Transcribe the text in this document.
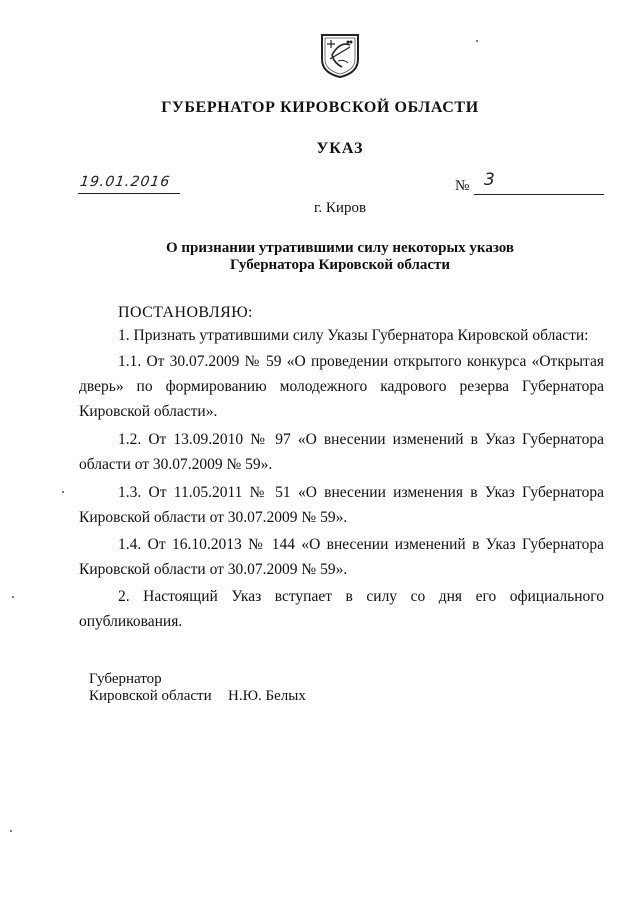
ГУБЕРНАТОР КИРОВСКОЙ ОБЛАСТИ
УКАЗ
19.01.2016	№ 3
г. Киров
О признании утратившими силу некоторых указов
Губернатора Кировской области
ПОСТАНОВЛЯЮ:
1. Признать утратившими силу Указы Губернатора Кировской области:
1.1. От 30.07.2009 № 59 «О проведении открытого конкурса «Открытая дверь» по формированию молодежного кадрового резерва Губернатора Кировской области».
1.2. От 13.09.2010 № 97 «О внесении изменений в Указ Губернатора области от 30.07.2009 № 59».
1.3. От 11.05.2011 № 51 «О внесении изменения в Указ Губернатора Кировской области от 30.07.2009 № 59».
1.4. От 16.10.2013 № 144 «О внесении изменений в Указ Губернатора Кировской области от 30.07.2009 № 59».
2. Настоящий Указ вступает в силу со дня его официального опубликования.
Губернатор
Кировской области Н.Ю. Белых
